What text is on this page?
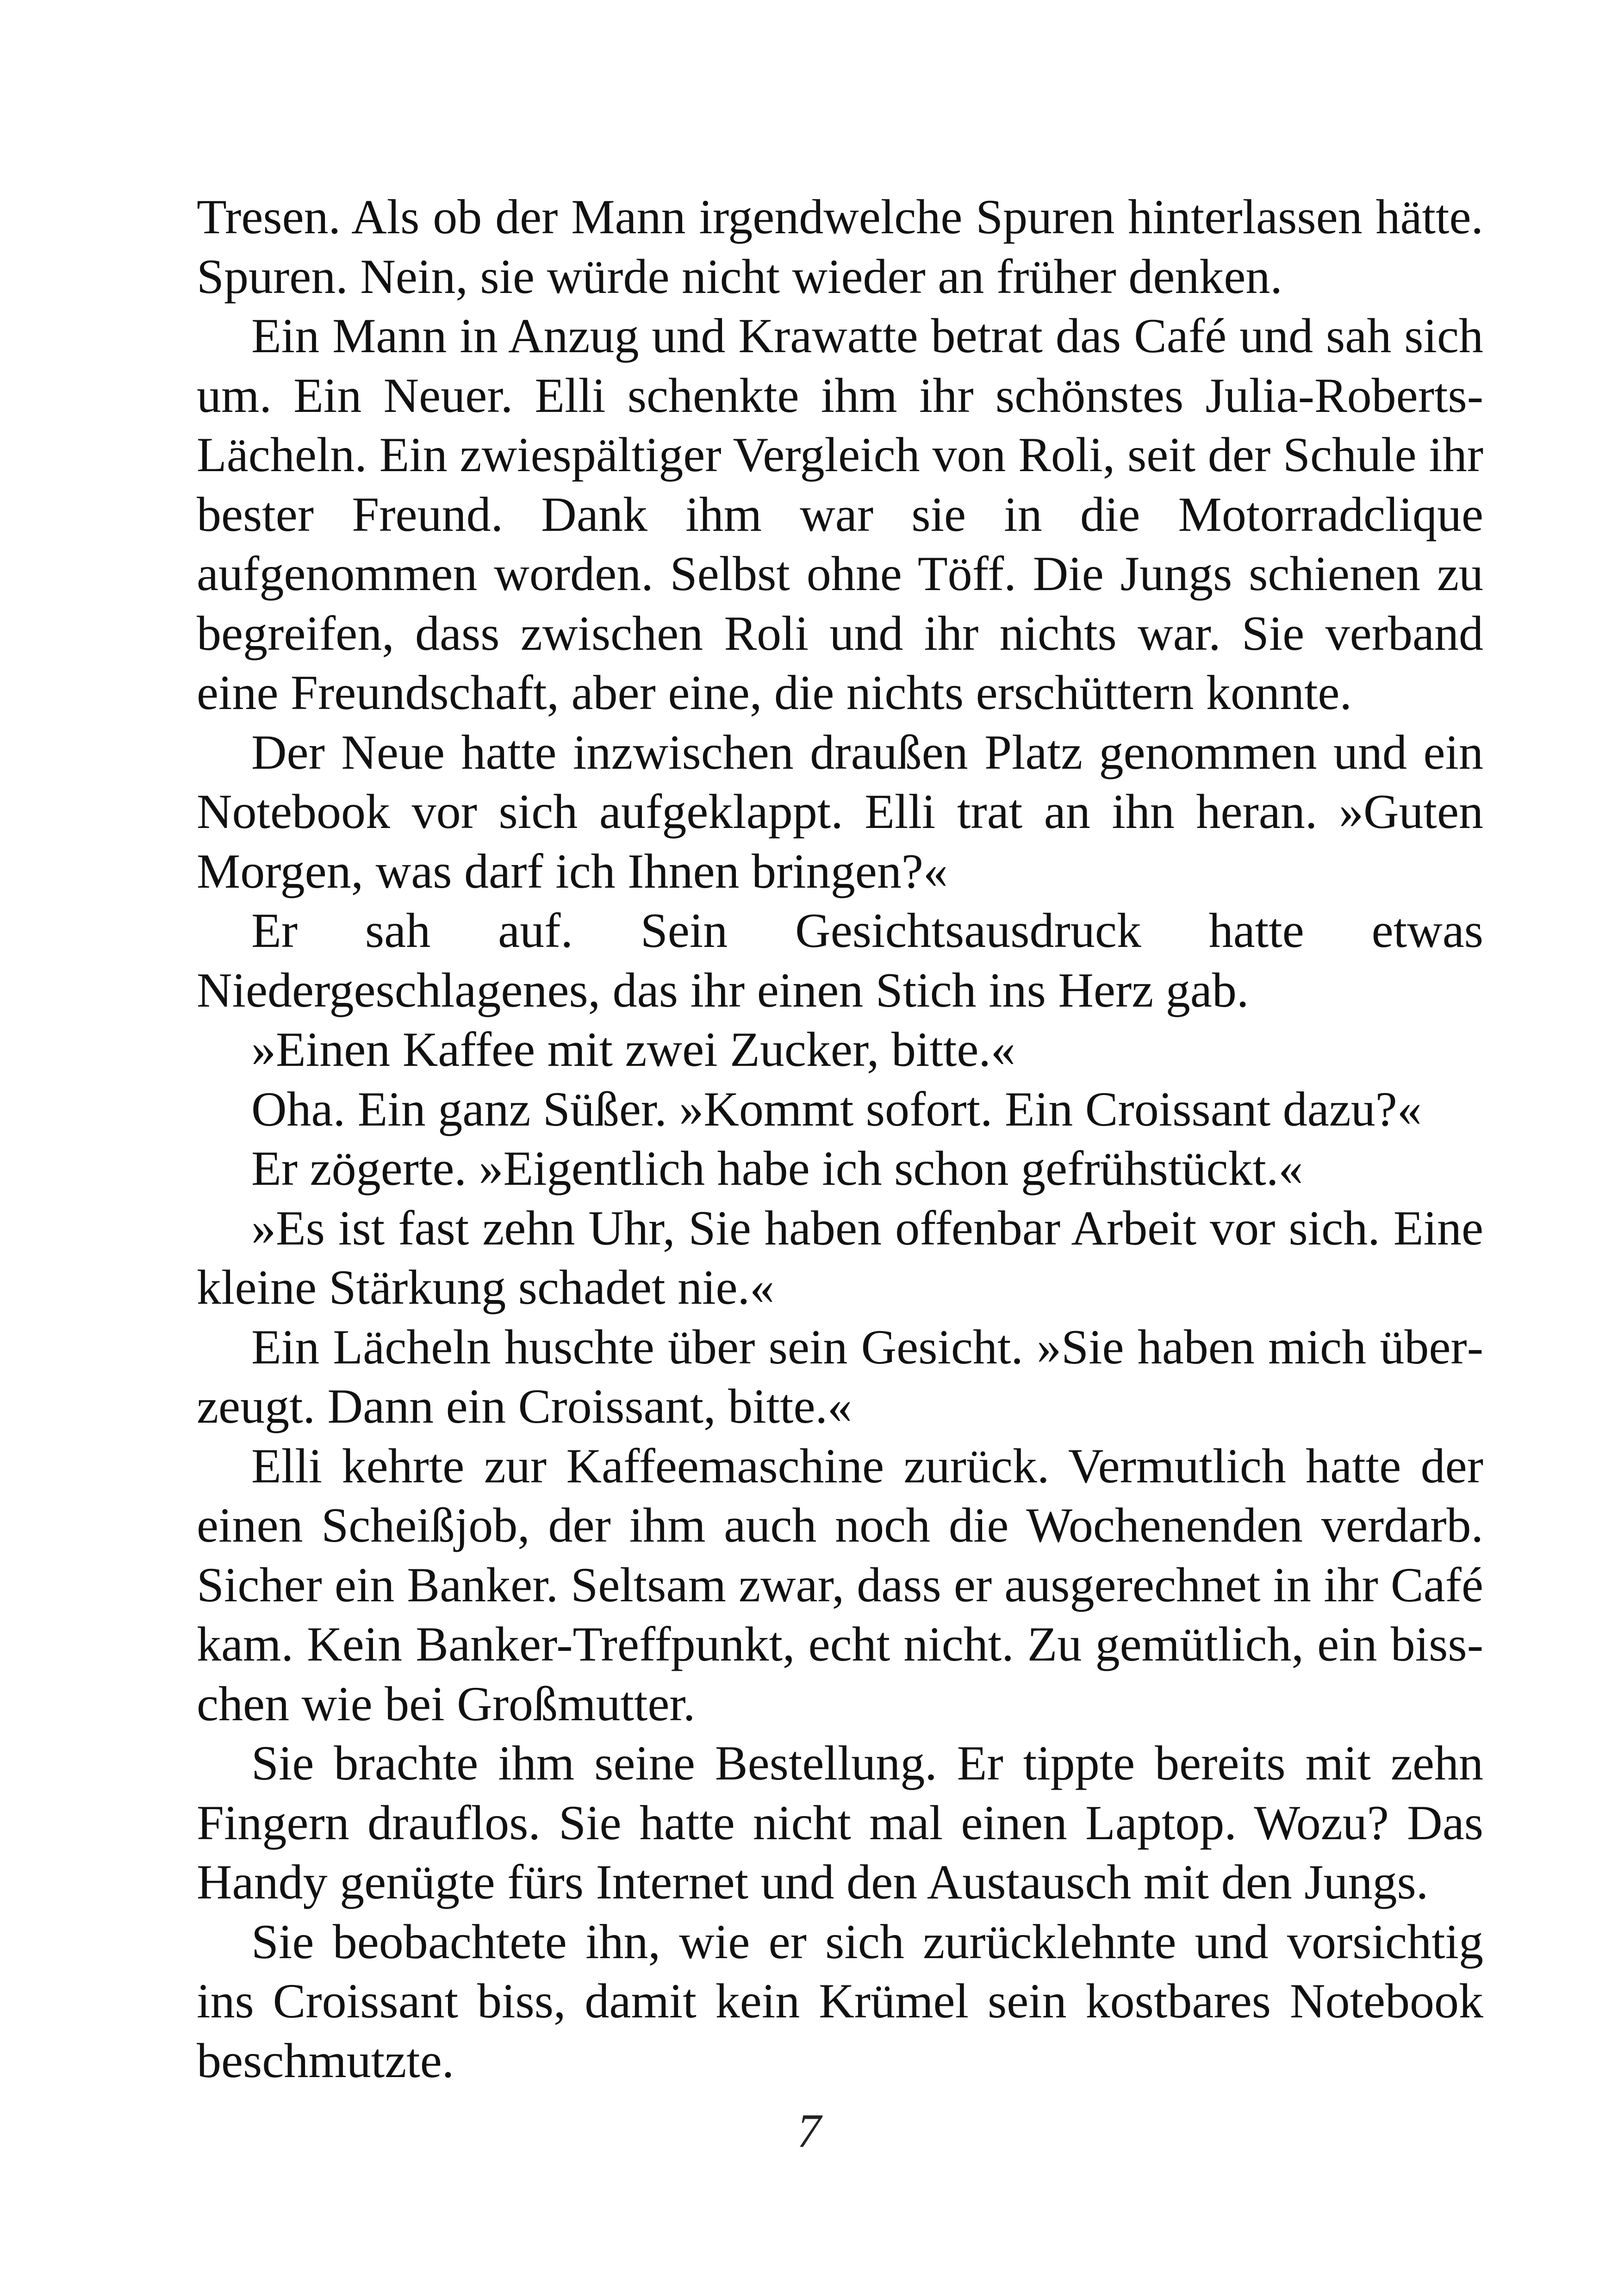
Tresen. Als ob der Mann irgendwelche Spuren hinterlassen hätte. Spuren. Nein, sie würde nicht wieder an früher denken.

Ein Mann in Anzug und Krawatte betrat das Café und sah sich um. Ein Neuer. Elli schenkte ihm ihr schönstes Julia-Roberts-Lächeln. Ein zwiespältiger Vergleich von Roli, seit der Schule ihr bester Freund. Dank ihm war sie in die Motorradclique aufgenommen worden. Selbst ohne Töff. Die Jungs schienen zu begreifen, dass zwischen Roli und ihr nichts war. Sie verband eine Freundschaft, aber eine, die nichts erschüttern konnte.

Der Neue hatte inzwischen draußen Platz genommen und ein Notebook vor sich aufgeklappt. Elli trat an ihn heran. »Guten Morgen, was darf ich Ihnen bringen?«

Er sah auf. Sein Gesichtsausdruck hatte etwas Niedergeschlagenes, das ihr einen Stich ins Herz gab.

»Einen Kaffee mit zwei Zucker, bitte.«

Oha. Ein ganz Süßer. »Kommt sofort. Ein Croissant dazu?«

Er zögerte. »Eigentlich habe ich schon gefrühstückt.«

»Es ist fast zehn Uhr, Sie haben offenbar Arbeit vor sich. Eine kleine Stärkung schadet nie.«

Ein Lächeln huschte über sein Gesicht. »Sie haben mich überzeugt. Dann ein Croissant, bitte.«

Elli kehrte zur Kaffeemaschine zurück. Vermutlich hatte der einen Scheißjob, der ihm auch noch die Wochenenden verdarb. Sicher ein Banker. Seltsam zwar, dass er ausgerechnet in ihr Café kam. Kein Banker-Treffpunkt, echt nicht. Zu gemütlich, ein bisschen wie bei Großmutter.

Sie brachte ihm seine Bestellung. Er tippte bereits mit zehn Fingern drauflos. Sie hatte nicht mal einen Laptop. Wozu? Das Handy genügte fürs Internet und den Austausch mit den Jungs.

Sie beobachtete ihn, wie er sich zurücklehnte und vorsichtig ins Croissant biss, damit kein Krümel sein kostbares Notebook beschmutzte.

7
